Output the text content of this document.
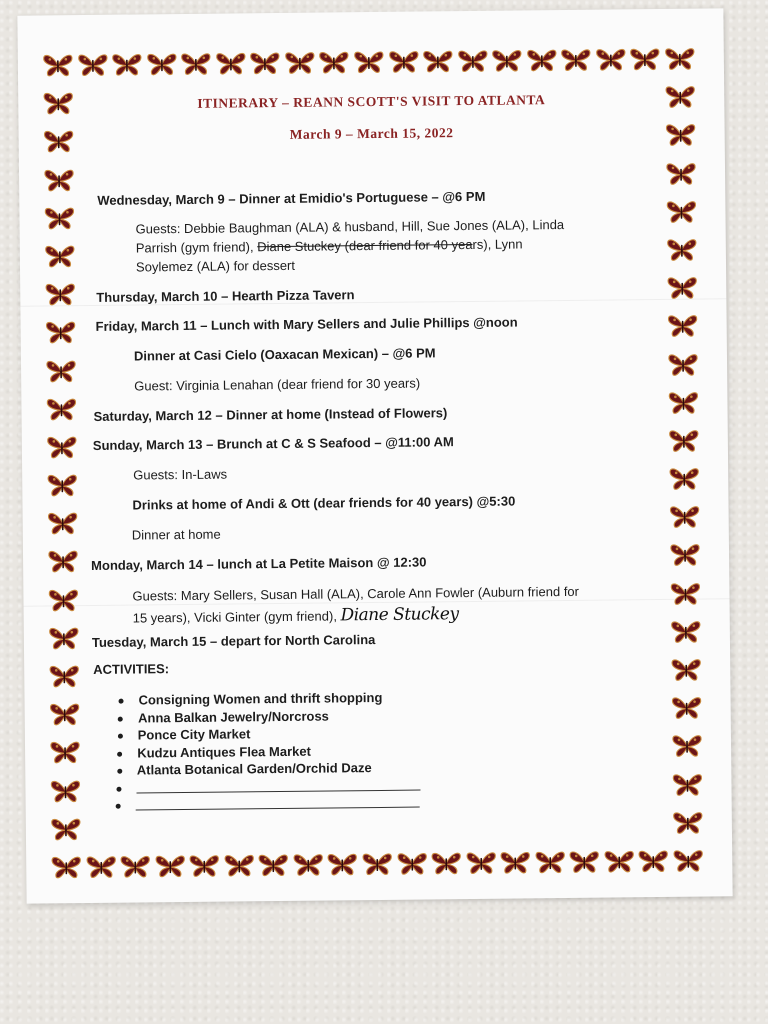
ITINERARY – REANN SCOTT'S VISIT TO ATLANTA
March 9 – March 15, 2022
Wednesday, March 9 – Dinner at Emidio's Portuguese – @6 PM
Guests: Debbie Baughman (ALA) & husband, Hill, Sue Jones (ALA), Linda
Parrish (gym friend), Diane Stuckey (dear friend for 40 years), Lynn
Soylemez (ALA) for dessert
Thursday, March 10 – Hearth Pizza Tavern
Friday, March 11 – Lunch with Mary Sellers and Julie Phillips @noon
Dinner at Casi Cielo (Oaxacan Mexican) – @6 PM
Guest: Virginia Lenahan (dear friend for 30 years)
Saturday, March 12 – Dinner at home (Instead of Flowers)
Sunday, March 13 – Brunch at C & S Seafood – @11:00 AM
Guests: In-Laws
Drinks at home of Andi & Ott (dear friends for 40 years) @5:30
Dinner at home
Monday, March 14 – lunch at La Petite Maison @ 12:30
Guests: Mary Sellers, Susan Hall (ALA), Carole Ann Fowler (Auburn friend for
15 years), Vicki Ginter (gym friend), Diane Stuckey
Tuesday, March 15 – depart for North Carolina
ACTIVITIES:
Consigning Women and thrift shopping
Anna Balkan Jewelry/Norcross
Ponce City Market
Kudzu Antiques Flea Market
Atlanta Botanical Garden/Orchid Daze
